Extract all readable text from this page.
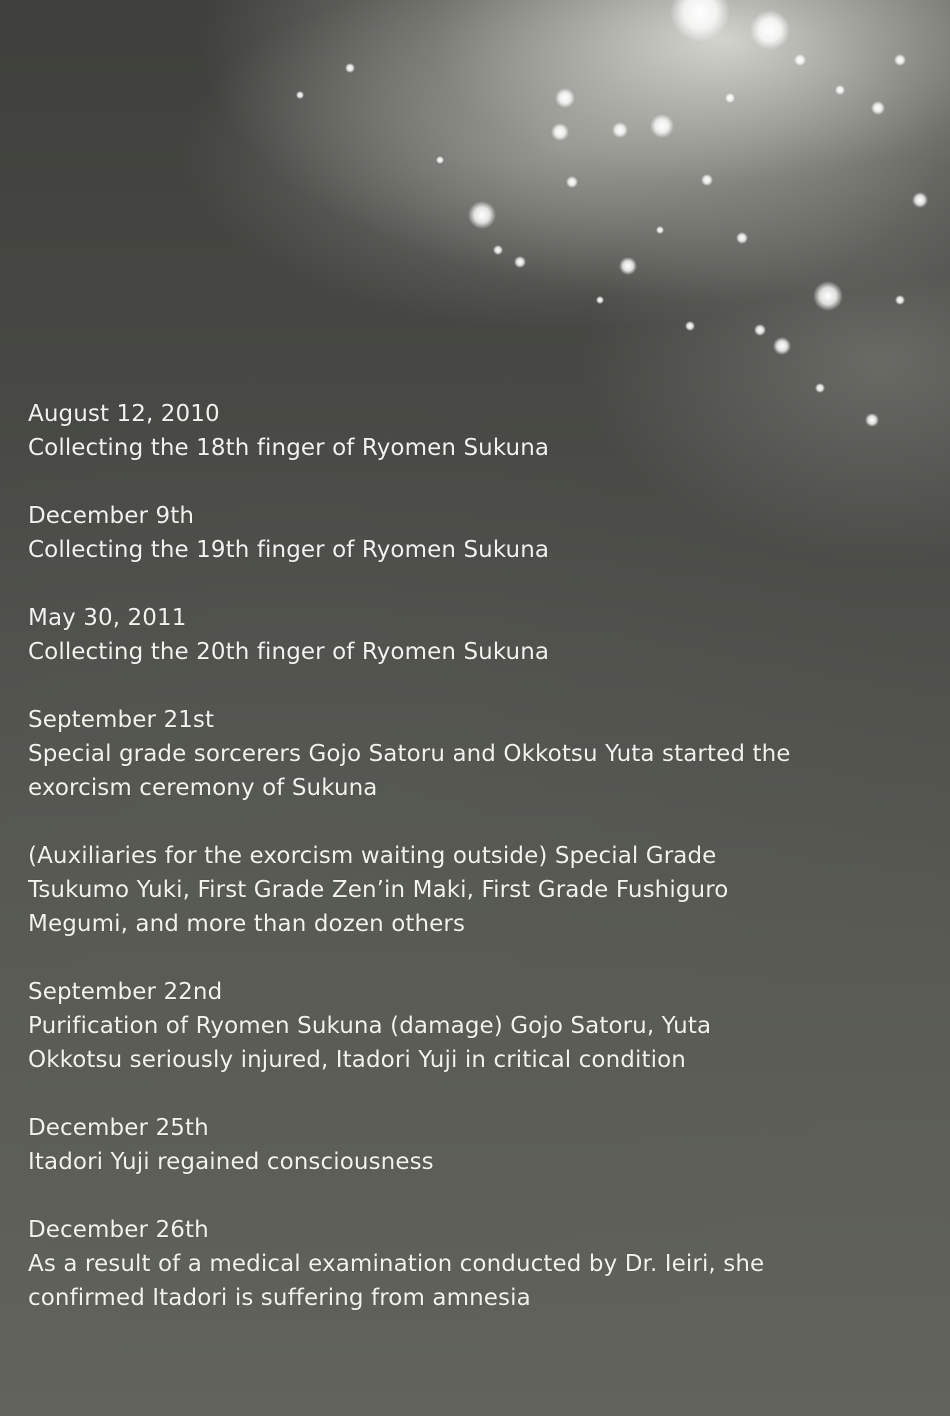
August 12, 2010
Collecting the 18th finger of Ryomen Sukuna
December 9th
Collecting the 19th finger of Ryomen Sukuna
May 30, 2011
Collecting the 20th finger of Ryomen Sukuna
September 21st
Special grade sorcerers Gojo Satoru and Okkotsu Yuta started the
exorcism ceremony of Sukuna
(Auxiliaries for the exorcism waiting outside) Special Grade
Tsukumo Yuki, First Grade Zen’in Maki, First Grade Fushiguro
Megumi, and more than dozen others
September 22nd
Purification of Ryomen Sukuna (damage) Gojo Satoru, Yuta
Okkotsu seriously injured, Itadori Yuji in critical condition
December 25th
Itadori Yuji regained consciousness
December 26th
As a result of a medical examination conducted by Dr. Ieiri, she
confirmed Itadori is suffering from amnesia
